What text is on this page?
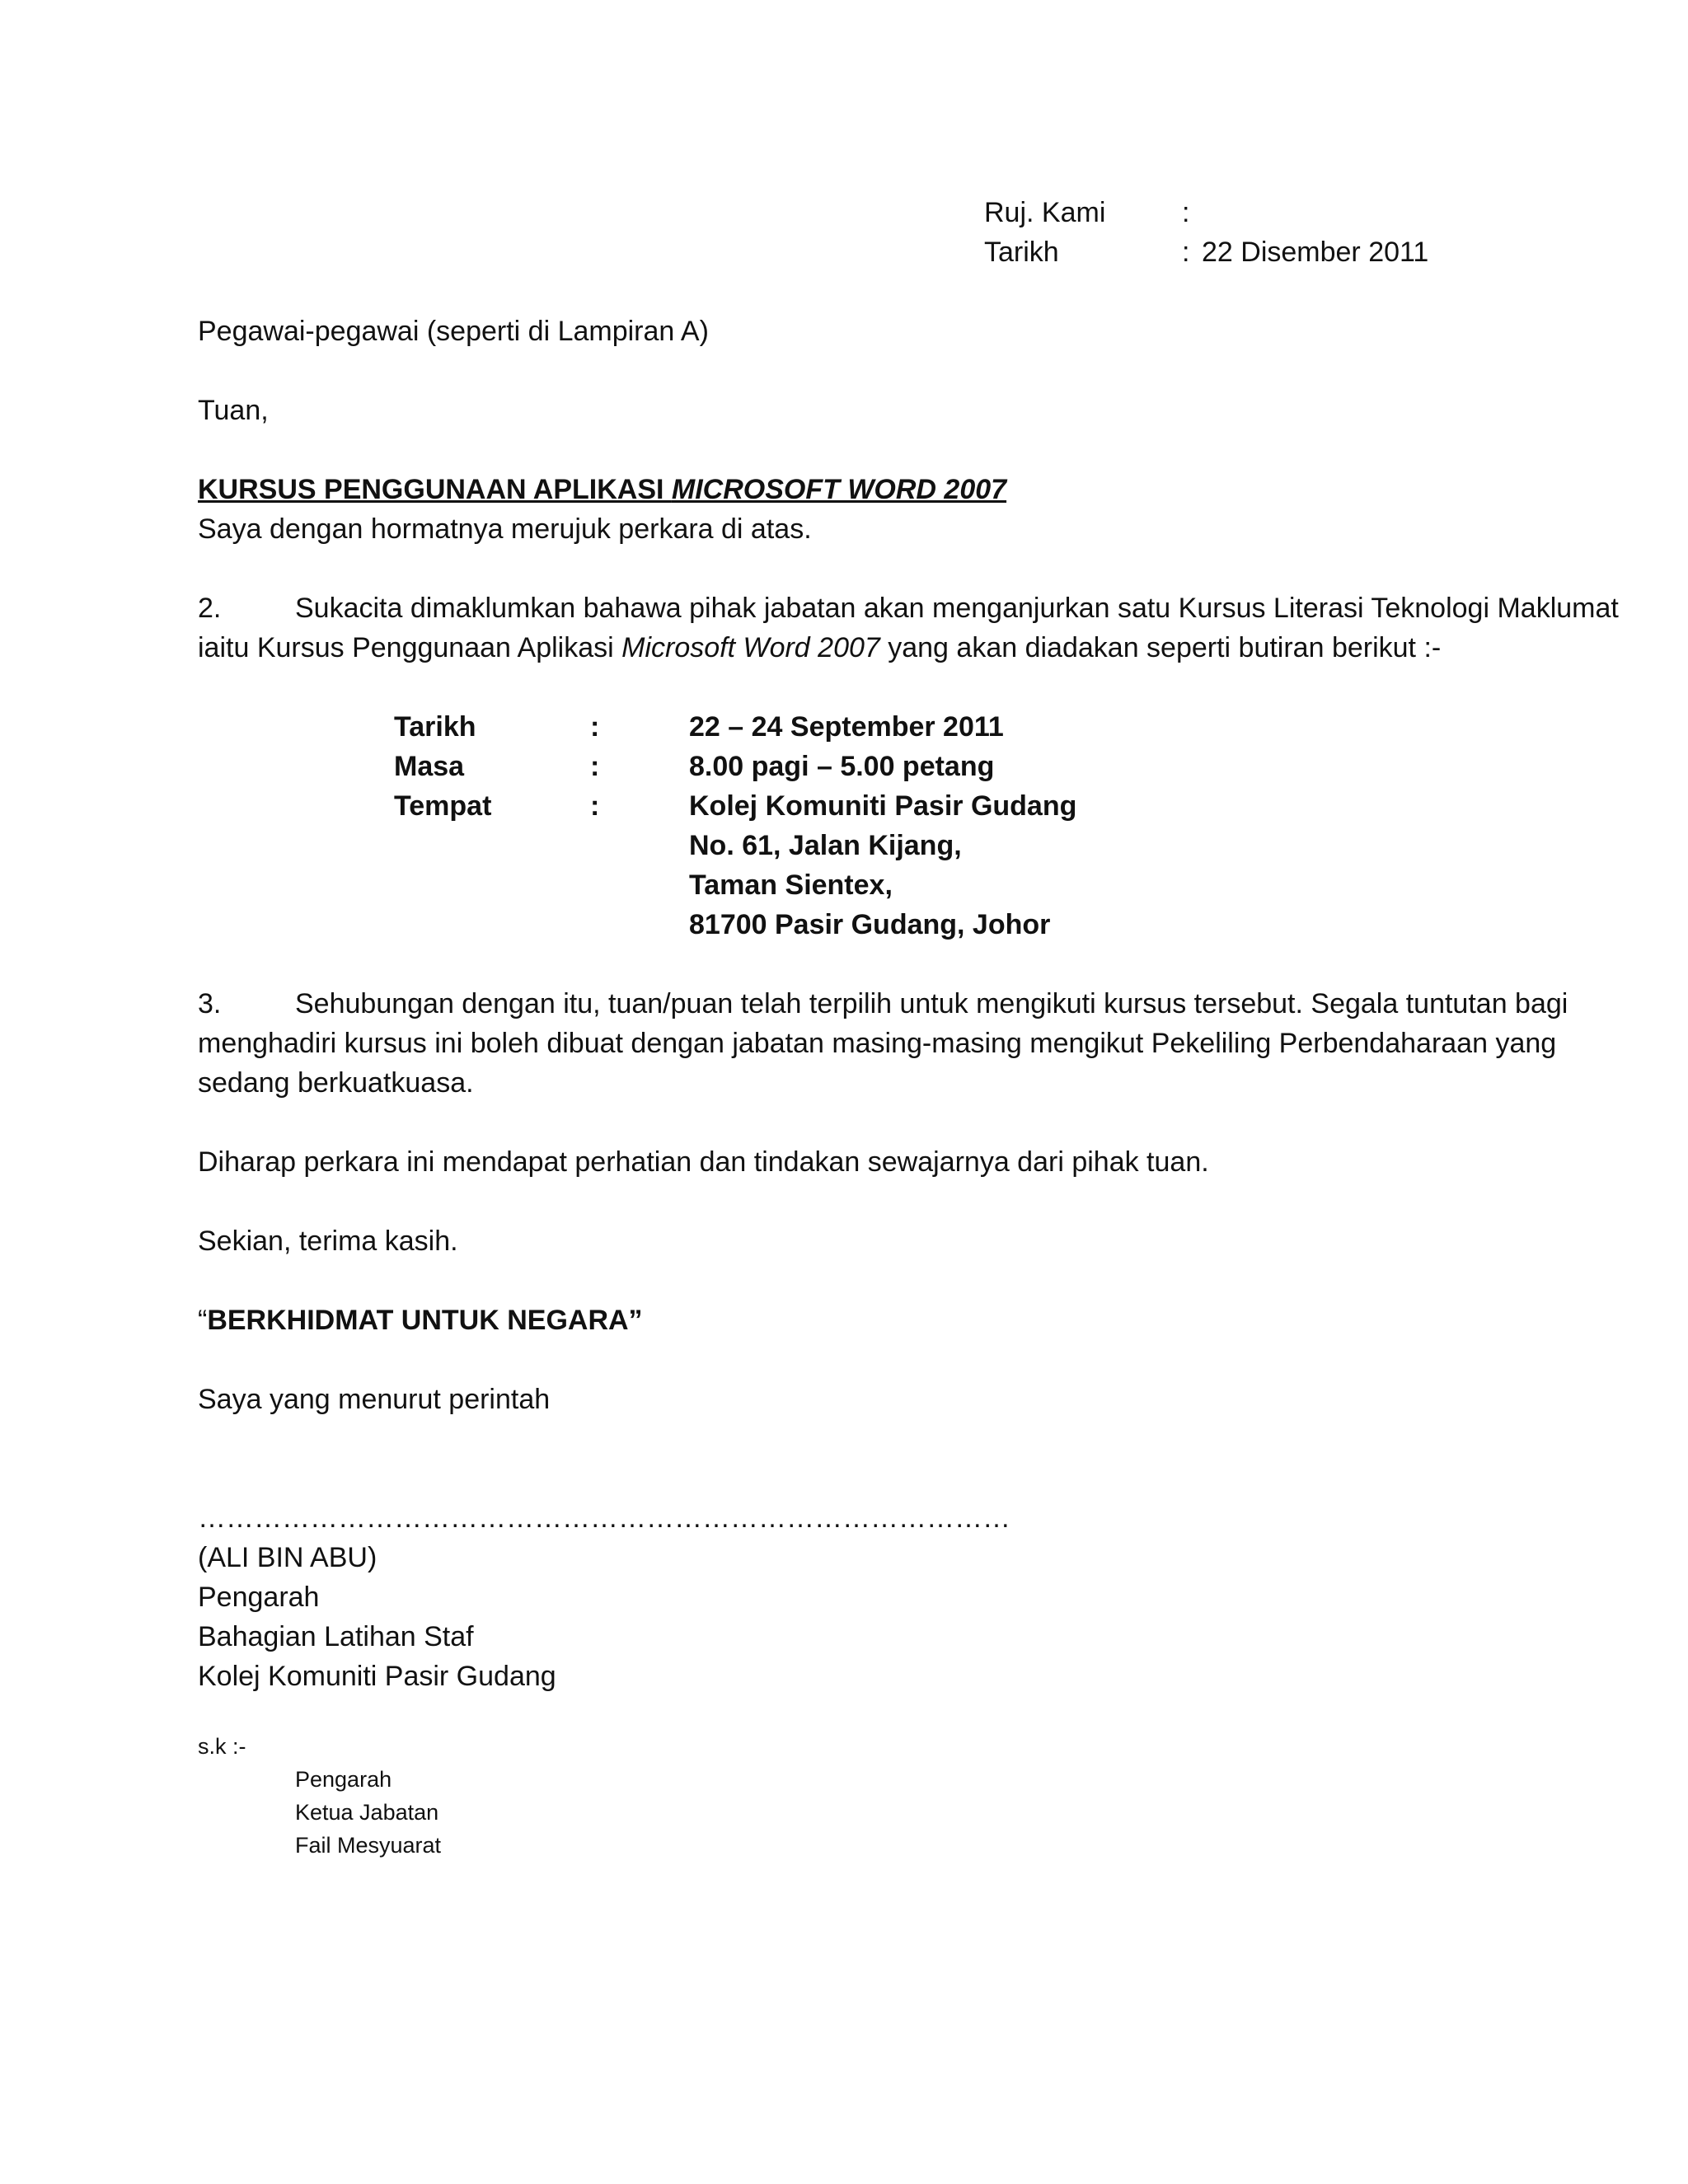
Ruj. Kami	:
Tarikh	: 22 Disember 2011
Pegawai-pegawai (seperti di Lampiran A)
Tuan,
KURSUS PENGGUNAAN APLIKASI MICROSOFT WORD 2007
Saya dengan hormatnya merujuk perkara di atas.
2.	Sukacita dimaklumkan bahawa pihak jabatan akan menganjurkan satu Kursus Literasi Teknologi Maklumat
iaitu Kursus Penggunaan Aplikasi Microsoft Word 2007 yang akan diadakan seperti butiran berikut :-
Tarikh	:	22 – 24 September 2011
Masa	:	8.00 pagi – 5.00 petang
Tempat	:	Kolej Komuniti Pasir Gudang
No. 61, Jalan Kijang,
Taman Sientex,
81700 Pasir Gudang, Johor
3.	Sehubungan dengan itu, tuan/puan telah terpilih untuk mengikuti kursus tersebut. Segala tuntutan bagi
menghadiri kursus ini boleh dibuat dengan jabatan masing-masing mengikut Pekeliling Perbendaharaan yang
sedang berkuatkuasa.
Diharap perkara ini mendapat perhatian dan tindakan sewajarnya dari pihak tuan.
Sekian, terima kasih.
“BERKHIDMAT UNTUK NEGARA”
Saya yang menurut perintah
……………………………………………………………………………
(ALI BIN ABU)
Pengarah
Bahagian Latihan Staf
Kolej Komuniti Pasir Gudang
s.k :-
Pengarah
Ketua Jabatan
Fail Mesyuarat
